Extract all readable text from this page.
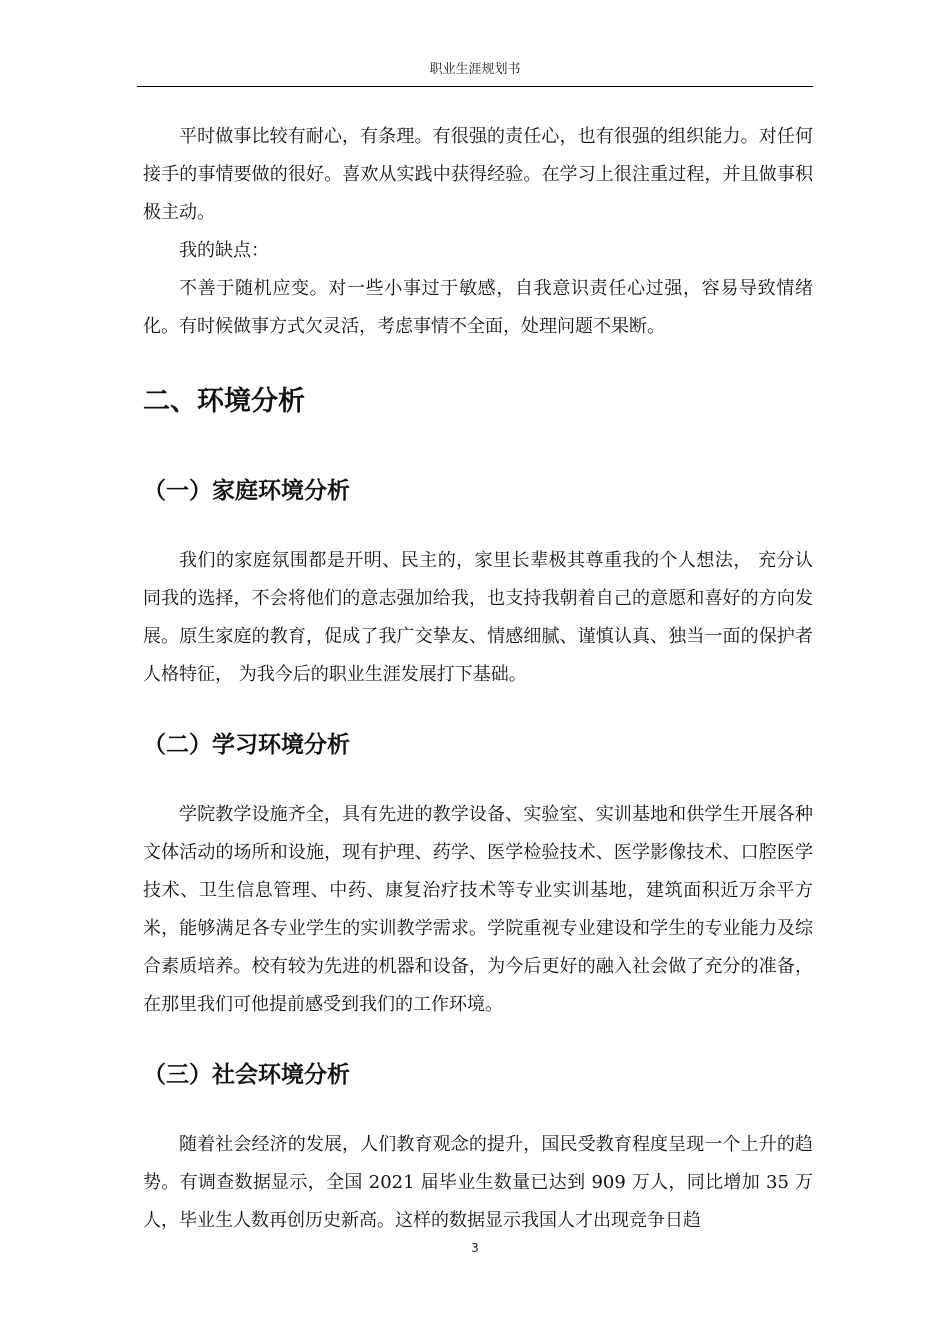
职业生涯规划书

平时做事比较有耐心，有条理。有很强的责任心，也有很强的组织能力。对任何接手的事情要做的很好。喜欢从实践中获得经验。在学习上很注重过程，并且做事积极主动。

我的缺点：

不善于随机应变。对一些小事过于敏感，自我意识责任心过强，容易导致情绪化。有时候做事方式欠灵活，考虑事情不全面，处理问题不果断。

二、环境分析
（一）家庭环境分析

我们的家庭氛围都是开明、民主的，家里长辈极其尊重我的个人想法， 充分认同我的选择，不会将他们的意志强加给我，也支持我朝着自己的意愿和喜好的方向发展。原生家庭的教育，促成了我广交挚友、情感细腻、谨慎认真、独当一面的保护者人格特征， 为我今后的职业生涯发展打下基础。

（二）学习环境分析

学院教学设施齐全，具有先进的教学设备、实验室、实训基地和供学生开展各种文体活动的场所和设施，现有护理、药学、医学检验技术、医学影像技术、口腔医学技术、卫生信息管理、中药、康复治疗技术等专业实训基地，建筑面积近万余平方米，能够满足各专业学生的实训教学需求。学院重视专业建设和学生的专业能力及综合素质培养。校有较为先进的机器和设备，为今后更好的融入社会做了充分的准备，在那里我们可他提前感受到我们的工作环境。

（三）社会环境分析

随着社会经济的发展，人们教育观念的提升，国民受教育程度呈现一个上升的趋势。有调查数据显示，全国 2021 届毕业生数量已达到 909 万人，同比增加 35 万人，毕业生人数再创历史新高。这样的数据显示我国人才出现竞争日趋

3
